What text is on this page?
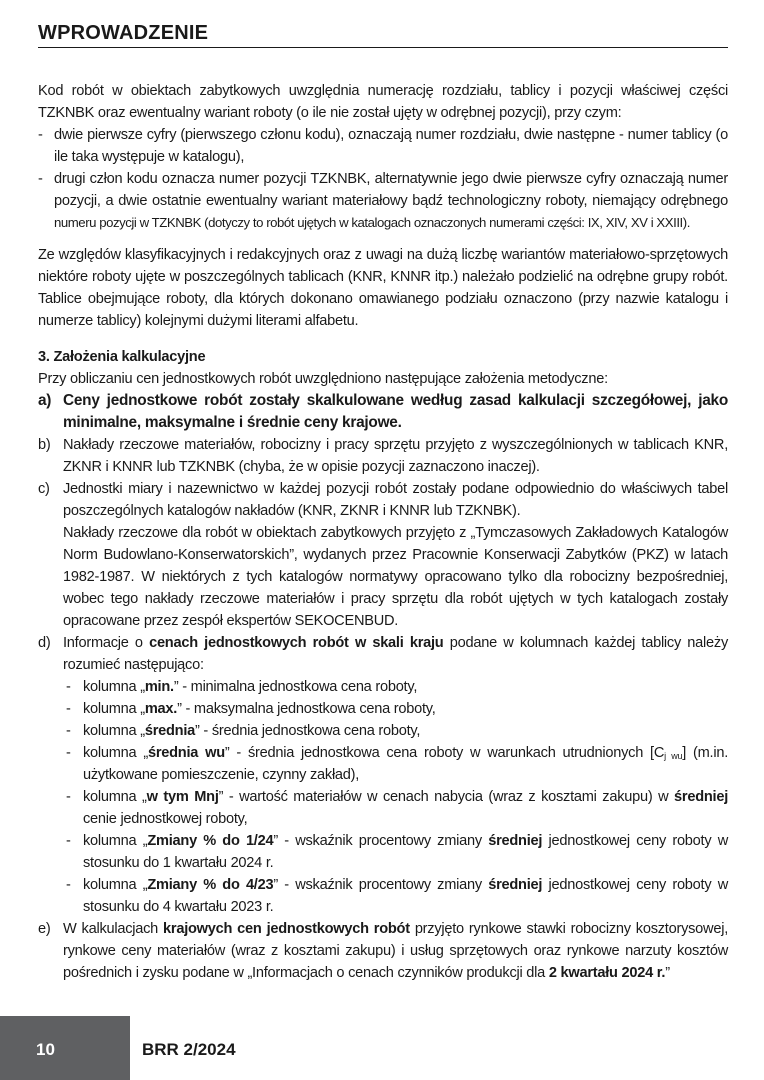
WPROWADZENIE

Kod robót w obiektach zabytkowych uwzględnia numerację rozdziału, tablicy i pozycji właściwej części TZKNBK oraz ewentualny wariant roboty (o ile nie został ujęty w odrębnej pozycji), przy czym:

- dwie pierwsze cyfry (pierwszego członu kodu), oznaczają numer rozdziału, dwie następne - numer tablicy (o ile taka występuje w katalogu),
- drugi człon kodu oznacza numer pozycji TZKNBK, alternatywnie jego dwie pierwsze cyfry oznaczają numer pozycji, a dwie ostatnie ewentualny wariant materiałowy bądź technologiczny roboty, niemający odrębnego numeru pozycji w TZKNBK (dotyczy to robót ujętych w katalogach oznaczonych numerami części: IX, XIV, XV i XXIII).

Ze względów klasyfikacyjnych i redakcyjnych oraz z uwagi na dużą liczbę wariantów materiałowo-sprzętowych niektóre roboty ujęte w poszczególnych tablicach (KNR, KNNR itp.) należało podzielić na odrębne grupy robót. Tablice obejmujące roboty, dla których dokonano omawianego podziału oznaczono (przy nazwie katalogu i numerze tablicy) kolejnymi dużymi literami alfabetu.

3. Założenia kalkulacyjne

Przy obliczaniu cen jednostkowych robót uwzględniono następujące założenia metodyczne:

a) Ceny jednostkowe robót zostały skalkulowane według zasad kalkulacji szczegółowej, jako minimalne, maksymalne i średnie ceny krajowe.
b) Nakłady rzeczowe materiałów, robocizny i pracy sprzętu przyjęto z wyszczególnionych w tablicach KNR, ZKNR i KNNR lub TZKNBK (chyba, że w opisie pozycji zaznaczono inaczej).
c) Jednostki miary i nazewnictwo w każdej pozycji robót zostały podane odpowiednio do właściwych tabel poszczególnych katalogów nakładów (KNR, ZKNR i KNNR lub TZKNBK).
Nakłady rzeczowe dla robót w obiektach zabytkowych przyjęto z „Tymczasowych Zakładowych Katalogów Norm Budowlano-Konserwatorskich”, wydanych przez Pracownie Konserwacji Zabytków (PKZ) w latach 1982-1987. W niektórych z tych katalogów normatywy opracowano tylko dla robocizny bezpośredniej, wobec tego nakłady rzeczowe materiałów i pracy sprzętu dla robót ujętych w tych katalogach zostały opracowane przez zespół ekspertów SEKOCENBUD.
d) Informacje o cenach jednostkowych robót w skali kraju podane w kolumnach każdej tablicy należy rozumieć następująco:
- kolumna „min.” - minimalna jednostkowa cena roboty,
- kolumna „max.” - maksymalna jednostkowa cena roboty,
- kolumna „średnia” - średnia jednostkowa cena roboty,
- kolumna „średnia wu” - średnia jednostkowa cena roboty w warunkach utrudnionych $[C_{j wu}]$ (m.in. użytkowane pomieszczenie, czynny zakład),
- kolumna „w tym Mnj” - wartość materiałów w cenach nabycia (wraz z kosztami zakupu) w średniej cenie jednostkowej roboty,
- kolumna „Zmiany % do 1/24” - wskaźnik procentowy zmiany średniej jednostkowej ceny roboty w stosunku do 1 kwartału 2024 r.
- kolumna „Zmiany % do 4/23” - wskaźnik procentowy zmiany średniej jednostkowej ceny roboty w stosunku do 4 kwartału 2023 r.
e) W kalkulacjach krajowych cen jednostkowych robót przyjęto rynkowe stawki robocizny kosztorysowej, rynkowe ceny materiałów (wraz z kosztami zakupu) i usług sprzętowych oraz rynkowe narzuty kosztów pośrednich i zysku podane w „Informacjach o cenach czynników produkcji dla 2 kwartału 2024 r.”
10	BRR 2/2024
